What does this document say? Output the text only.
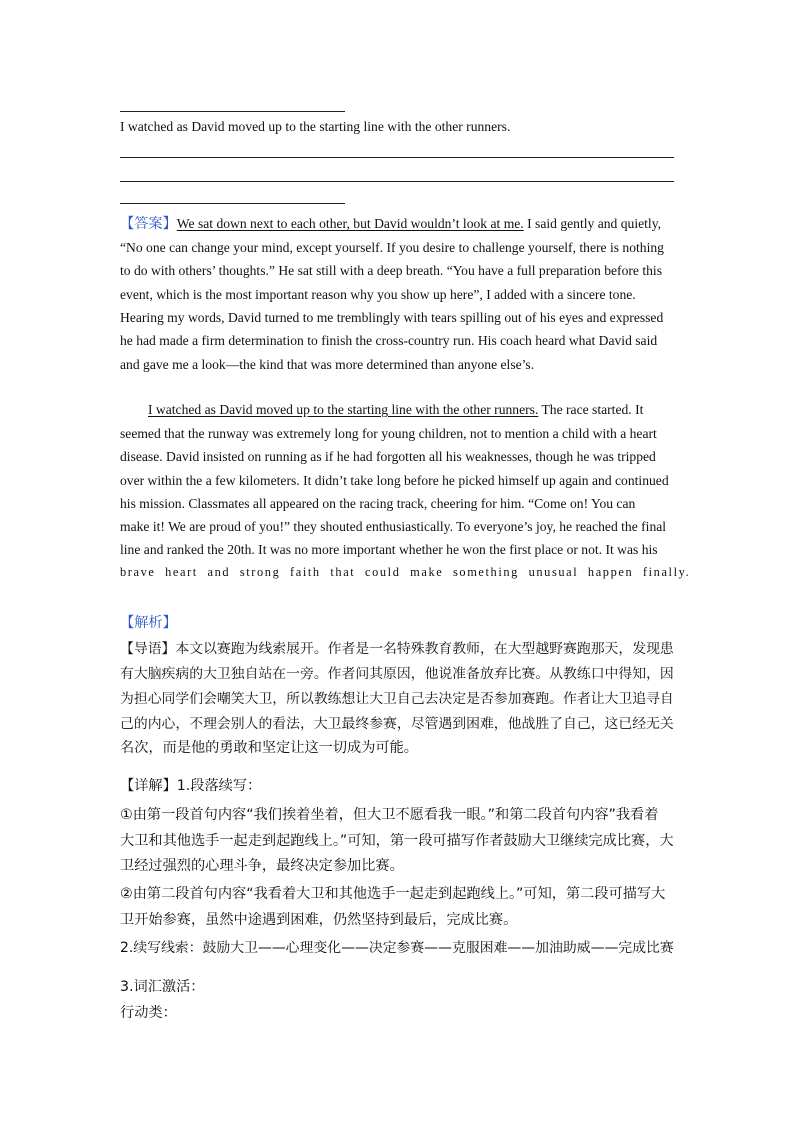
I watched as David moved up to the starting line with the other runners.
【答案】We sat down next to each other, but David wouldn’t look at me. I said gently and quietly,
“No one can change your mind, except yourself. If you desire to challenge yourself, there is nothing
to do with others’ thoughts.” He sat still with a deep breath. “You have a full preparation before this
event, which is the most important reason why you show up here”, I added with a sincere tone.
Hearing my words, David turned to me tremblingly with tears spilling out of his eyes and expressed
he had made a firm determination to finish the cross-country run. His coach heard what David said
and gave me a look—the kind that was more determined than anyone else’s.
I watched as David moved up to the starting line with the other runners. The race started. It
seemed that the runway was extremely long for young children, not to mention a child with a heart
disease. David insisted on running as if he had forgotten all his weaknesses, though he was tripped
over within the a few kilometers. It didn’t take long before he picked himself up again and continued
his mission. Classmates all appeared on the racing track, cheering for him. “Come on! You can
make it! We are proud of you!” they shouted enthusiastically. To everyone’s joy, he reached the final
line and ranked the 20th. It was no more important whether he won the first place or not. It was his
brave heart and strong faith that could make something unusual happen finally.
【解析】
【导语】本文以赛跑为线索展开。作者是一名特殊教育教师，在大型越野赛跑那天，发现患
有大脑疾病的大卫独自站在一旁。作者问其原因，他说准备放弃比赛。从教练口中得知，因
为担心同学们会嘲笑大卫，所以教练想让大卫自己去决定是否参加赛跑。作者让大卫追寻自
己的内心，不理会别人的看法，大卫最终参赛，尽管遇到困难，他战胜了自己，这已经无关
名次，而是他的勇敢和坚定让这一切成为可能。
【详解】1.段落续写：
①由第一段首句内容“我们挨着坐着，但大卫不愿看我一眼。”和第二段首句内容”我看着
大卫和其他选手一起走到起跑线上。”可知，第一段可描写作者鼓励大卫继续完成比赛，大
卫经过强烈的心理斗争，最终决定参加比赛。
②由第二段首句内容“我看着大卫和其他选手一起走到起跑线上。”可知，第二段可描写大
卫开始参赛，虽然中途遇到困难，仍然坚持到最后，完成比赛。
2.续写线索：鼓励大卫——心理变化——决定参赛——克服困难——加油助威——完成比赛
3.词汇激活：
行动类：
